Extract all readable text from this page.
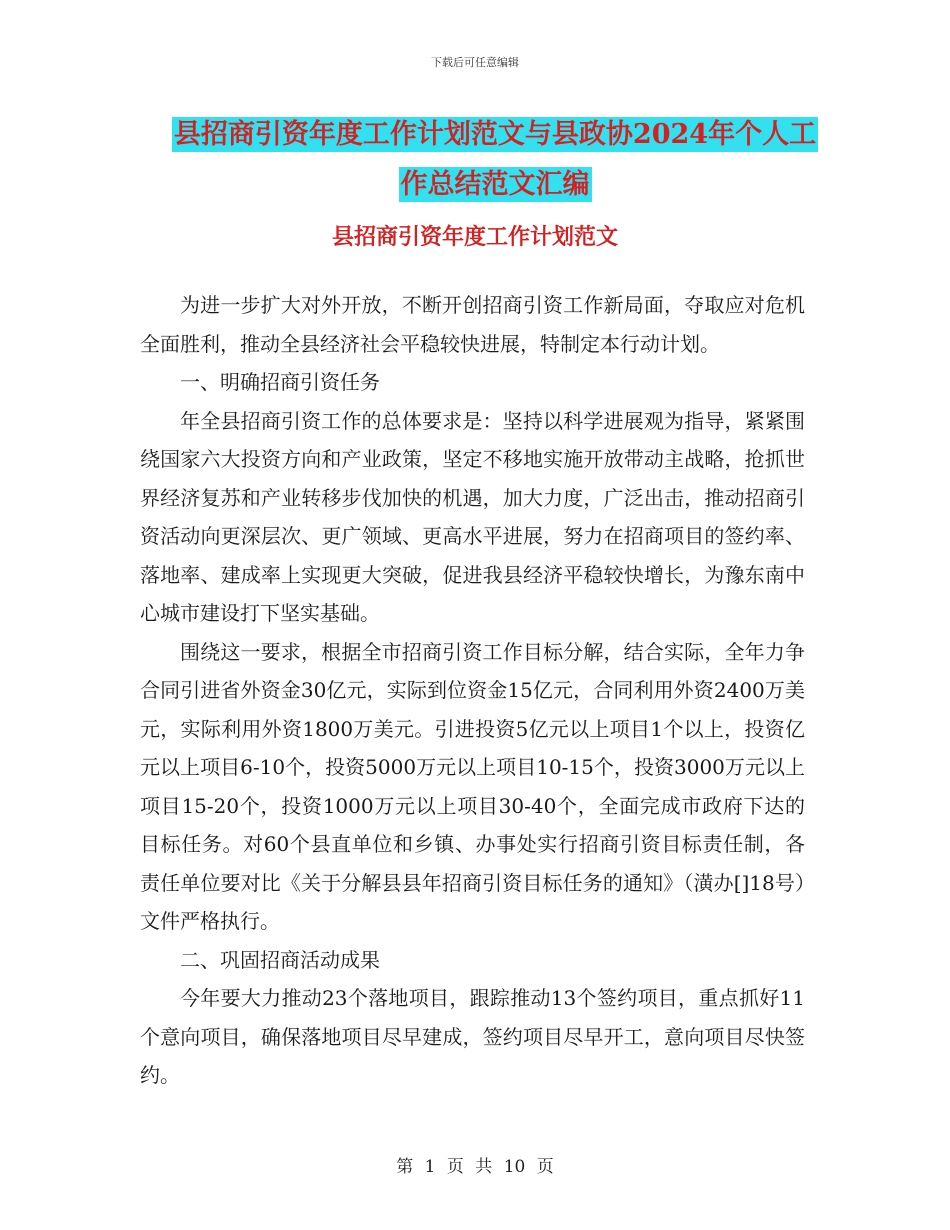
下载后可任意编辑
县招商引资年度工作计划范文与县政协2024年个人工
作总结范文汇编
县招商引资年度工作计划范文

为进一步扩大对外开放，不断开创招商引资工作新局面，夺取应对危机全面胜利，推动全县经济社会平稳较快进展，特制定本行动计划。

一、明确招商引资任务

年全县招商引资工作的总体要求是：坚持以科学进展观为指导，紧紧围绕国家六大投资方向和产业政策，坚定不移地实施开放带动主战略，抢抓世界经济复苏和产业转移步伐加快的机遇，加大力度，广泛出击，推动招商引资活动向更深层次、更广领域、更高水平进展，努力在招商项目的签约率、落地率、建成率上实现更大突破，促进我县经济平稳较快增长，为豫东南中心城市建设打下坚实基础。

围绕这一要求，根据全市招商引资工作目标分解，结合实际，全年力争合同引进省外资金30亿元，实际到位资金15亿元，合同利用外资2400万美元，实际利用外资1800万美元。引进投资5亿元以上项目1个以上，投资亿元以上项目6-10个，投资5000万元以上项目10-15个，投资3000万元以上项目15-20个，投资1000万元以上项目30-40个，全面完成市政府下达的目标任务。对60个县直单位和乡镇、办事处实行招商引资目标责任制，各责任单位要对比《关于分解县县年招商引资目标任务的通知》（潢办[]18号）文件严格执行。

二、巩固招商活动成果

今年要大力推动23个落地项目，跟踪推动13个签约项目，重点抓好11个意向项目，确保落地项目尽早建成，签约项目尽早开工，意向项目尽快签约。

第 1 页 共 10 页
